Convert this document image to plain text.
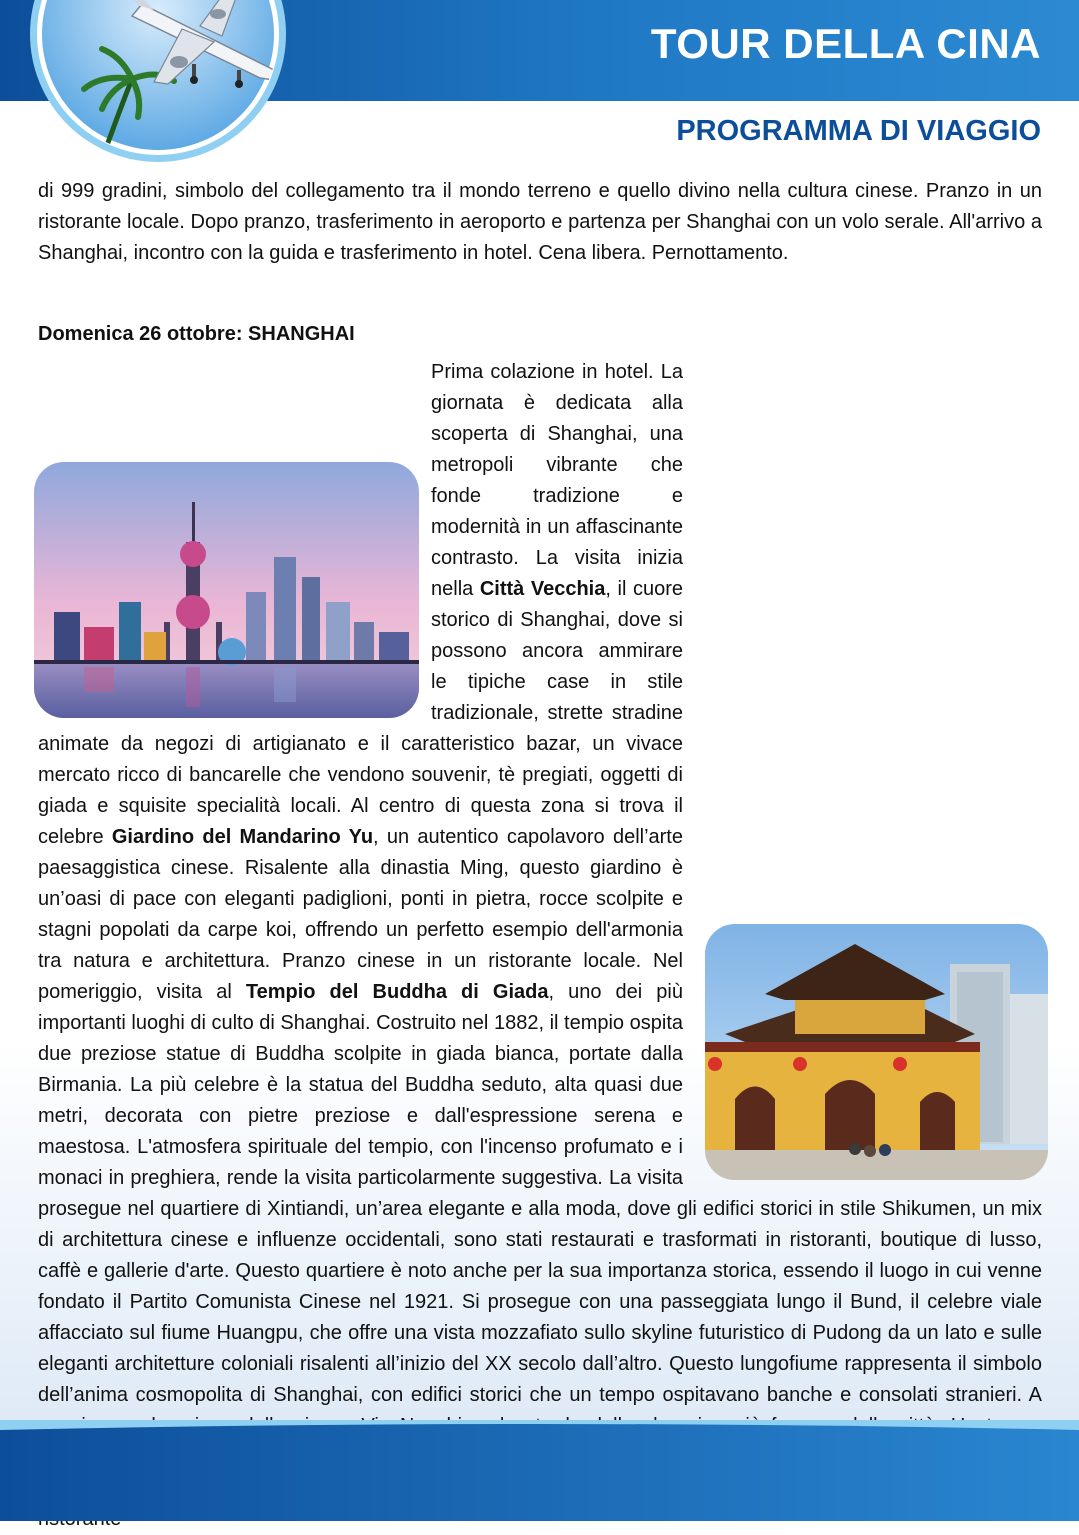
TOUR DELLA CINA
PROGRAMMA DI VIAGGIO

di 999 gradini, simbolo del collegamento tra il mondo terreno e quello divino nella cultura cinese. Pranzo in un ristorante locale. Dopo pranzo, trasferimento in aeroporto e partenza per Shanghai con un volo serale. All'arrivo a Shanghai, incontro con la guida e trasferimento in hotel. Cena libera. Pernottamento.

Domenica 26 ottobre: SHANGHAI

Prima colazione in hotel. La giornata è dedicata alla scoperta di Shanghai, una metropoli vibrante che fonde tradizione e modernità in un affascinante contrasto. La visita inizia nella Città Vecchia, il cuore storico di Shanghai, dove si possono ancora ammirare le tipiche case in stile tradizionale, strette stradine animate da negozi di artigianato e il caratteristico bazar, un vivace mercato ricco di bancarelle che vendono souvenir, tè pregiati, oggetti di giada e squisite specialità locali. Al centro di questa zona si trova il celebre Giardino del Mandarino Yu, un autentico capolavoro dell’arte paesaggistica cinese. Risalente alla dinastia Ming, questo giardino è un’oasi di pace con eleganti padiglioni, ponti in pietra, rocce scolpite e stagni popolati da carpe koi, offrendo un perfetto esempio dell'armonia tra natura e architettura. Pranzo cinese in un ristorante locale. Nel pomeriggio, visita al Tempio del Buddha di Giada, uno dei più importanti luoghi di culto di Shanghai. Costruito nel 1882, il tempio ospita due preziose statue di Buddha scolpite in giada bianca, portate dalla Birmania. La più celebre è la statua del Buddha seduto, alta quasi due metri, decorata con pietre preziose e dall'espressione serena e maestosa. L'atmosfera spirituale del tempio, con l'incenso profumato e i monaci in preghiera, rende la visita particolarmente suggestiva. La visita prosegue nel quartiere di Xintiandi, un’area elegante e alla moda, dove gli edifici storici in stile Shikumen, un mix di architettura cinese e influenze occidentali, sono stati restaurati e trasformati in ristoranti, boutique di lusso, caffè e gallerie d'arte. Questo quartiere è noto anche per la sua importanza storica, essendo il luogo in cui venne fondato il Partito Comunista Cinese nel 1921. Si prosegue con una passeggiata lungo il Bund, il celebre viale affacciato sul fiume Huangpu, che offre una vista mozzafiato sullo skyline futuristico di Pudong da un lato e sulle eleganti architetture coloniali risalenti all’inizio del XX secolo dall’altro. Questo lungofiume rappresenta il simbolo dell’anima cosmopolita di Shanghai, con edifici storici che un tempo ospitavano banche e consolati stranieri. A
